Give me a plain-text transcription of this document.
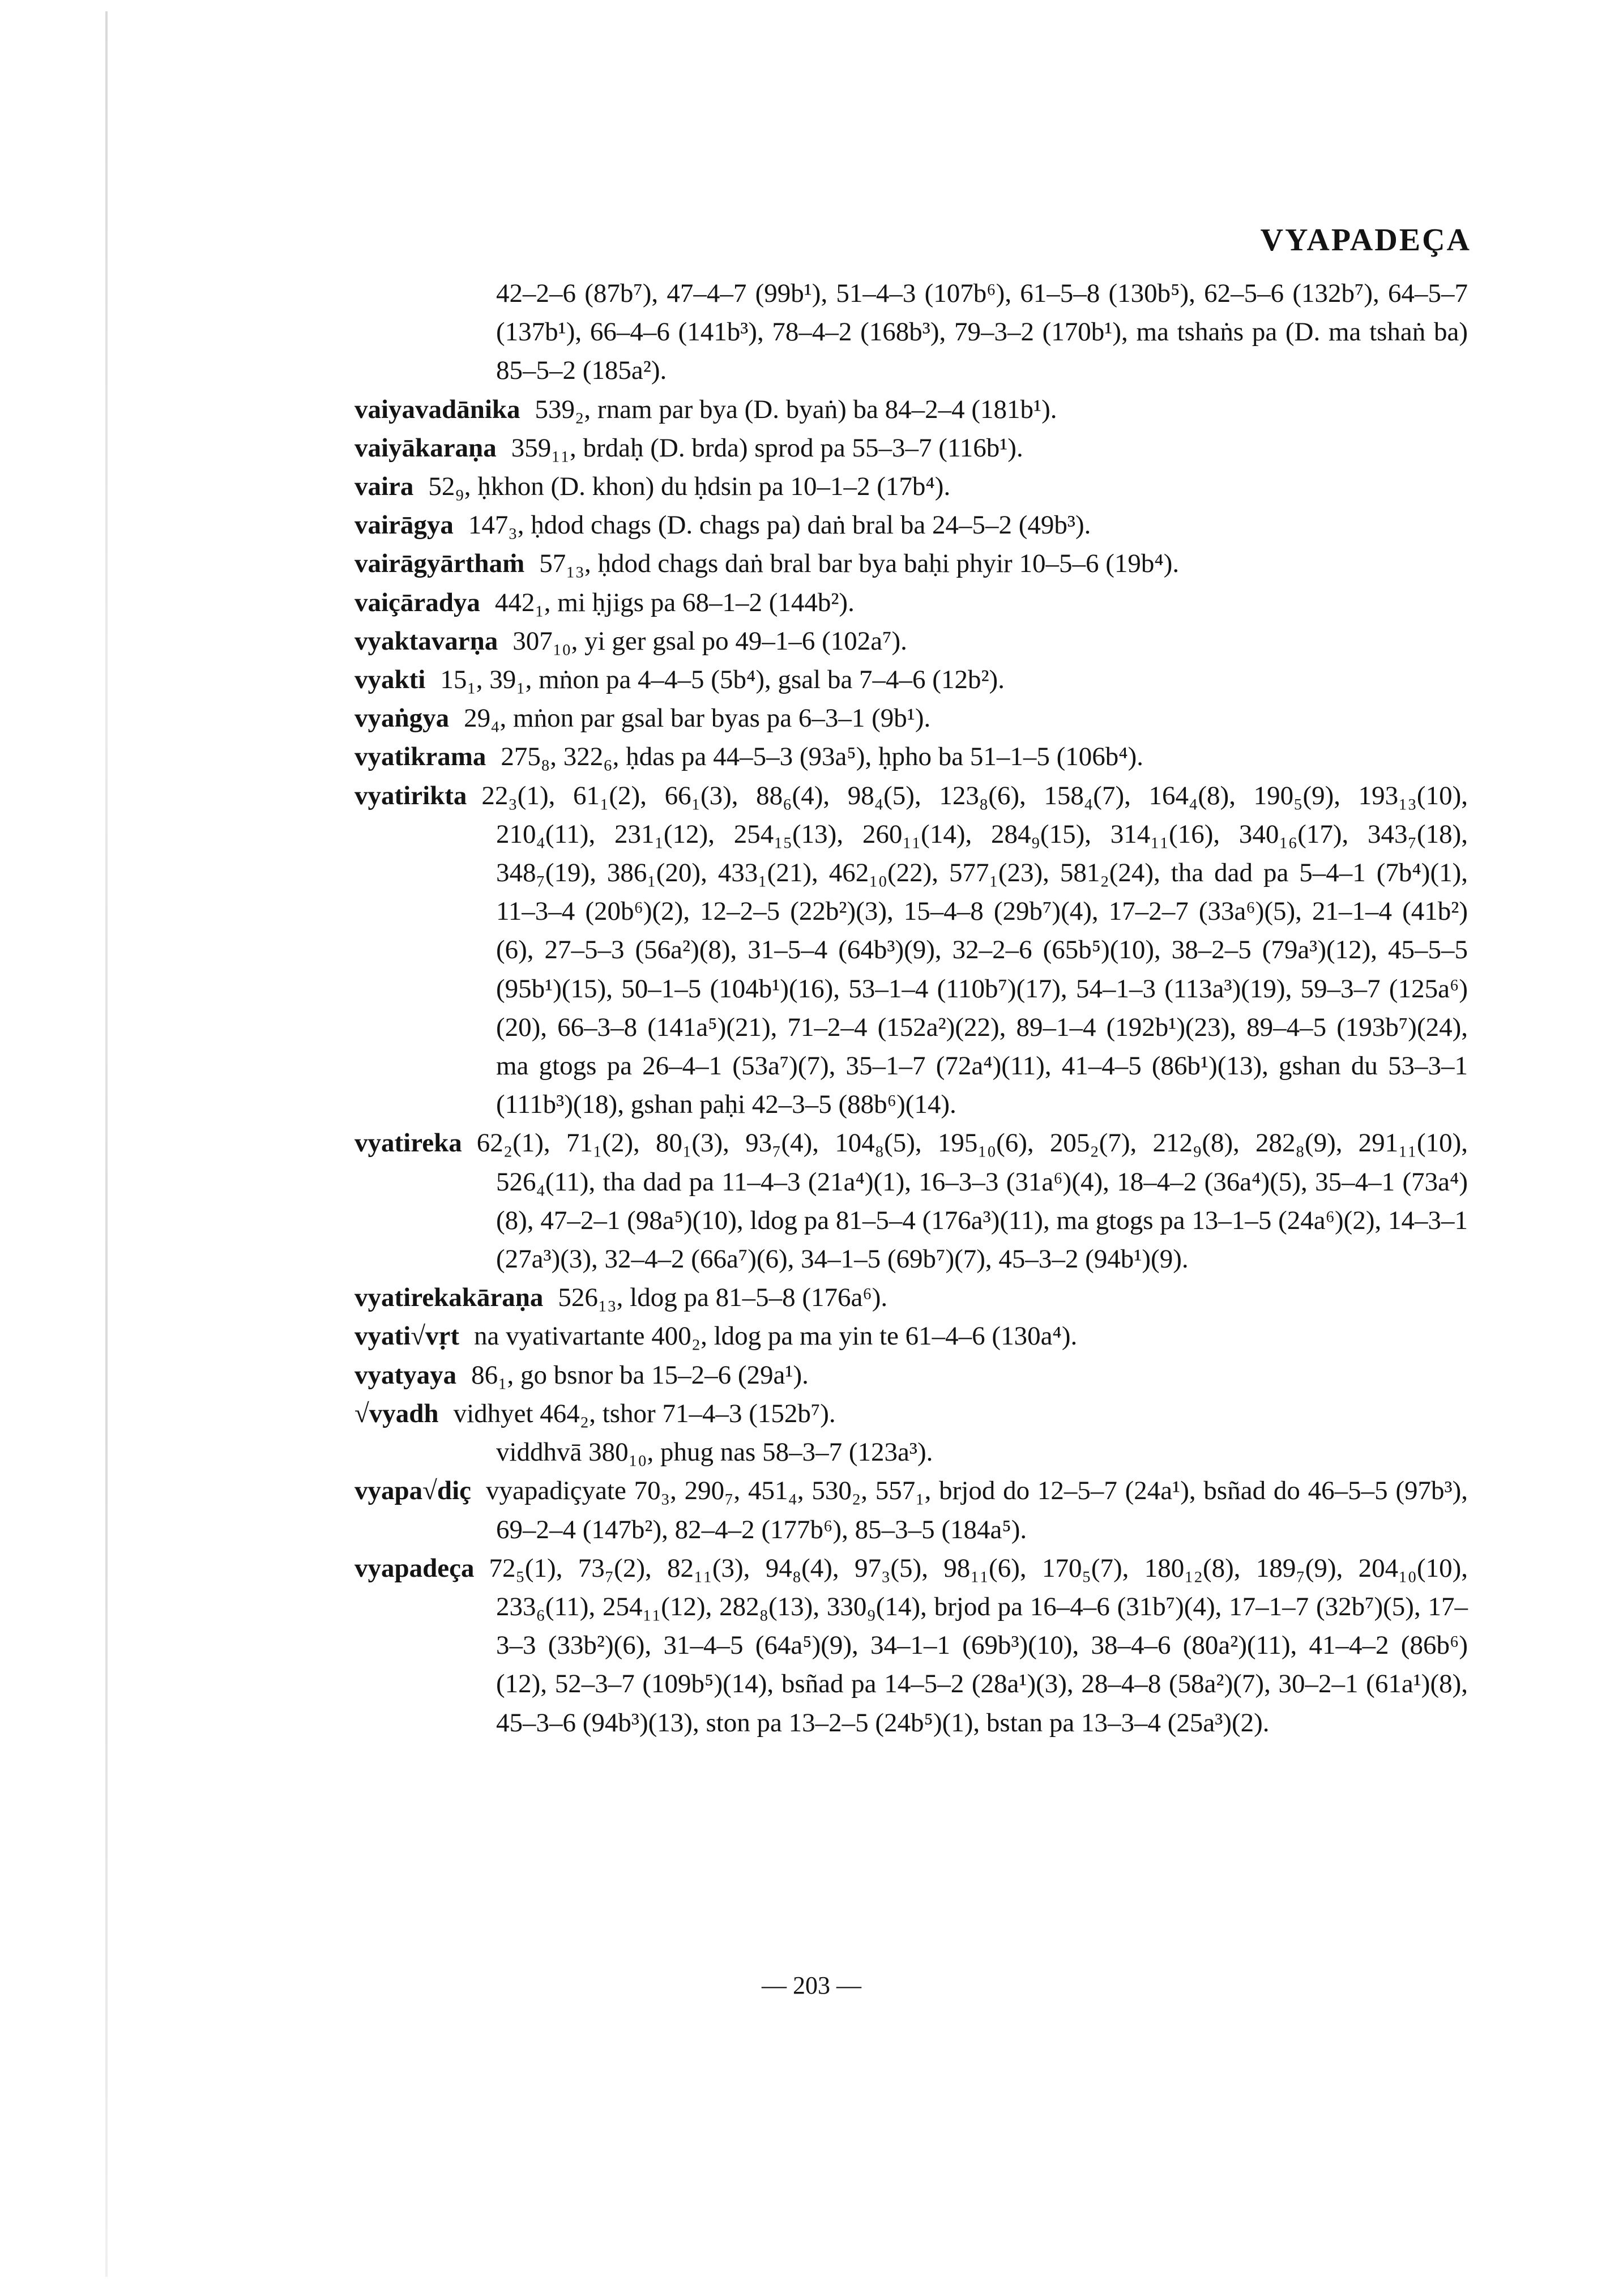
VYAPADEÇA
42–2–6 (87b⁷), 47–4–7 (99b¹), 51–4–3 (107b⁶), 61–5–8 (130b⁵), 62–5–6 (132b⁷), 64–5–7 (137b¹), 66–4–6 (141b³), 78–4–2 (168b³), 79–3–2 (170b¹), ma tshaṅs pa (D. ma tshaṅ ba) 85–5–2 (185a²).
vaiyavadānika 539₂, rnam par bya (D. byaṅ) ba 84–2–4 (181b¹).
vaiyākaraṇa 359₁₁, brdaḥ (D. brda) sprod pa 55–3–7 (116b¹).
vaira 52₉, ḥkhon (D. khon) du ḥdsin pa 10–1–2 (17b⁴).
vairāgya 147₃, ḥdod chags (D. chags pa) daṅ bral ba 24–5–2 (49b³).
vairāgyārthaṁ 57₁₃, ḥdod chags daṅ bral bar bya baḥi phyir 10–5–6 (19b⁴).
vaiçāradya 442₁, mi ḥjigs pa 68–1–2 (144b²).
vyaktavarṇa 307₁₀, yi ger gsal po 49–1–6 (102a⁷).
vyakti 15₁, 39₁, mṅon pa 4–4–5 (5b⁴), gsal ba 7–4–6 (12b²).
vyaṅgya 29₄, mṅon par gsal bar byas pa 6–3–1 (9b¹).
vyatikrama 275₈, 322₆, ḥdas pa 44–5–3 (93a⁵), ḥpho ba 51–1–5 (106b⁴).
vyatirikta 22₃(1), 61₁(2), 66₁(3), 88₆(4), 98₄(5), 123₈(6), 158₄(7), 164₄(8), 190₅(9), 193₁₃(10), 210₄(11), 231₁(12), 254₁₅(13), 260₁₁(14), 284₉(15), 314₁₁(16), 340₁₆(17), 343₇(18), 348₇(19), 386₁(20), 433₁(21), 462₁₀(22), 577₁(23), 581₂(24), tha dad pa 5–4–1 (7b⁴)(1), 11–3–4 (20b⁶)(2), 12–2–5 (22b²)(3), 15–4–8 (29b⁷)(4), 17–2–7 (33a⁶)(5), 21–1–4 (41b²)(6), 27–5–3 (56a²)(8), 31–5–4 (64b³)(9), 32–2–6 (65b⁵)(10), 38–2–5 (79a³)(12), 45–5–5 (95b¹)(15), 50–1–5 (104b¹)(16), 53–1–4 (110b⁷)(17), 54–1–3 (113a³)(19), 59–3–7 (125a⁶)(20), 66–3–8 (141a⁵)(21), 71–2–4 (152a²)(22), 89–1–4 (192b¹)(23), 89–4–5 (193b⁷)(24), ma gtogs pa 26–4–1 (53a⁷)(7), 35–1–7 (72a⁴)(11), 41–4–5 (86b¹)(13), gshan du 53–3–1 (111b³)(18), gshan paḥi 42–3–5 (88b⁶)(14).
vyatireka 62₂(1), 71₁(2), 80₁(3), 93₇(4), 104₈(5), 195₁₀(6), 205₂(7), 212₉(8), 282₈(9), 291₁₁(10), 526₄(11), tha dad pa 11–4–3 (21a⁴)(1), 16–3–3 (31a⁶)(4), 18–4–2 (36a⁴)(5), 35–4–1 (73a⁴)(8), 47–2–1 (98a⁵)(10), ldog pa 81–5–4 (176a³)(11), ma gtogs pa 13–1–5 (24a⁶)(2), 14–3–1 (27a³)(3), 32–4–2 (66a⁷)(6), 34–1–5 (69b⁷)(7), 45–3–2 (94b¹)(9).
vyatirekakāraṇa 526₁₃, ldog pa 81–5–8 (176a⁶).
vyati√vṛt na vyativartante 400₂, ldog pa ma yin te 61–4–6 (130a⁴).
vyatyaya 86₁, go bsnor ba 15–2–6 (29a¹).
√vyadh vidhyet 464₂, tshor 71–4–3 (152b⁷).
viddhvā 380₁₀, phug nas 58–3–7 (123a³).
vyapa√diç vyapadiçyate 70₃, 290₇, 451₄, 530₂, 557₁, brjod do 12–5–7 (24a¹), bsñad do 46–5–5 (97b³), 69–2–4 (147b²), 82–4–2 (177b⁶), 85–3–5 (184a⁵).
vyapadeça 72₅(1), 73₇(2), 82₁₁(3), 94₈(4), 97₃(5), 98₁₁(6), 170₅(7), 180₁₂(8), 189₇(9), 204₁₀(10), 233₆(11), 254₁₁(12), 282₈(13), 330₉(14), brjod pa 16–4–6 (31b⁷)(4), 17–1–7 (32b⁷)(5), 17–3–3 (33b²)(6), 31–4–5 (64a⁵)(9), 34–1–1 (69b³)(10), 38–4–6 (80a²)(11), 41–4–2 (86b⁶)(12), 52–3–7 (109b⁵)(14), bsñad pa 14–5–2 (28a¹)(3), 28–4–8 (58a²)(7), 30–2–1 (61a¹)(8), 45–3–6 (94b³)(13), ston pa 13–2–5 (24b⁵)(1), bstan pa 13–3–4 (25a³)(2).
— 203 —
